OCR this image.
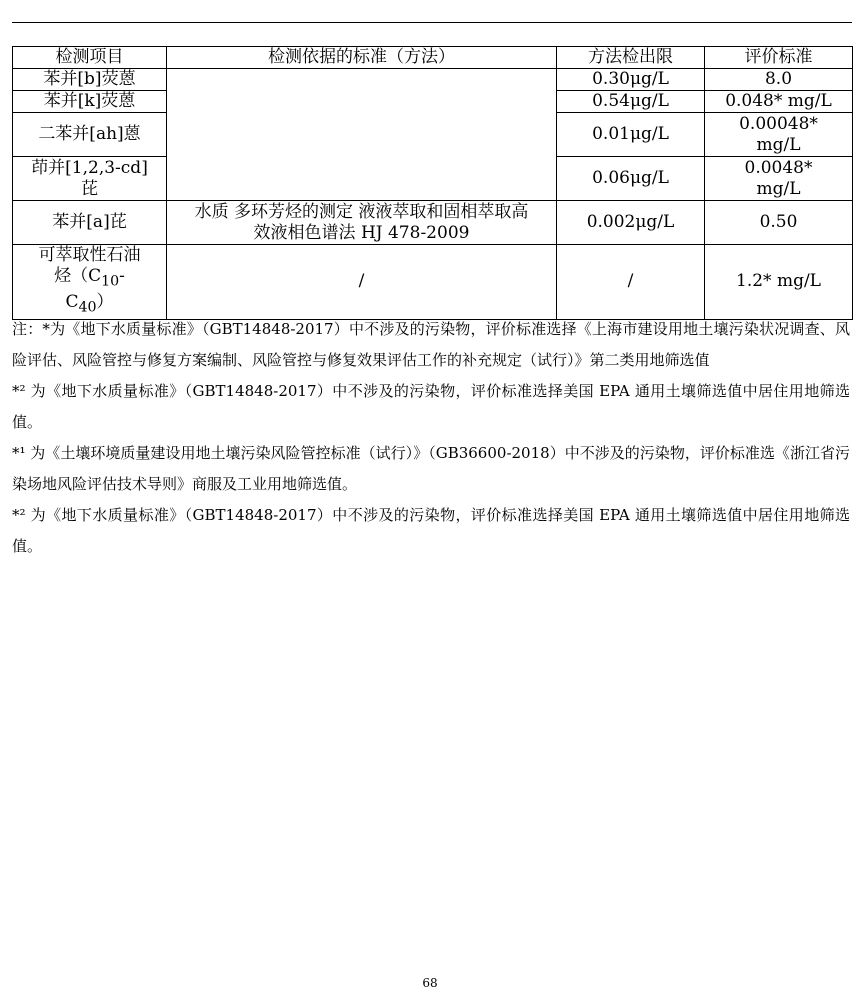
检测项目	检测依据的标准（方法）	方法检出限	评价标准
苯并[b]荧蒽		0.30μg/L	8.0
苯并[k]荧蒽		0.54μg/L	0.048* mg/L
二苯并[ah]蒽		0.01μg/L	0.00048* mg/L
茚并[1,2,3-cd]芘		0.06μg/L	0.0048* mg/L
苯并[a]芘	水质 多环芳烃的测定 液液萃取和固相萃取高效液相色谱法 HJ 478-2009	0.002μg/L	0.50
可萃取性石油烃$(C_{10}-C_{40})$	/	/	1.2* mg/L

注：*为《地下水质量标准》（GBT14848-2017）中不涉及的污染物，评价标准选择《上海市建设用地土壤污染状况调查、风险评估、风险管控与修复方案编制、风险管控与修复效果评估工作的补充规定（试行）》第二类用地筛选值

*² 为《地下水质量标准》（GBT14848-2017）中不涉及的污染物，评价标准选择美国 EPA 通用土壤筛选值中居住用地筛选值。

*¹ 为《土壤环境质量建设用地土壤污染风险管控标准（试行）》（GB36600-2018）中不涉及的污染物，评价标准选《浙江省污染场地风险评估技术导则》商服及工业用地筛选值。

*² 为《地下水质量标准》（GBT14848-2017）中不涉及的污染物，评价标准选择美国 EPA 通用土壤筛选值中居住用地筛选值。

68
